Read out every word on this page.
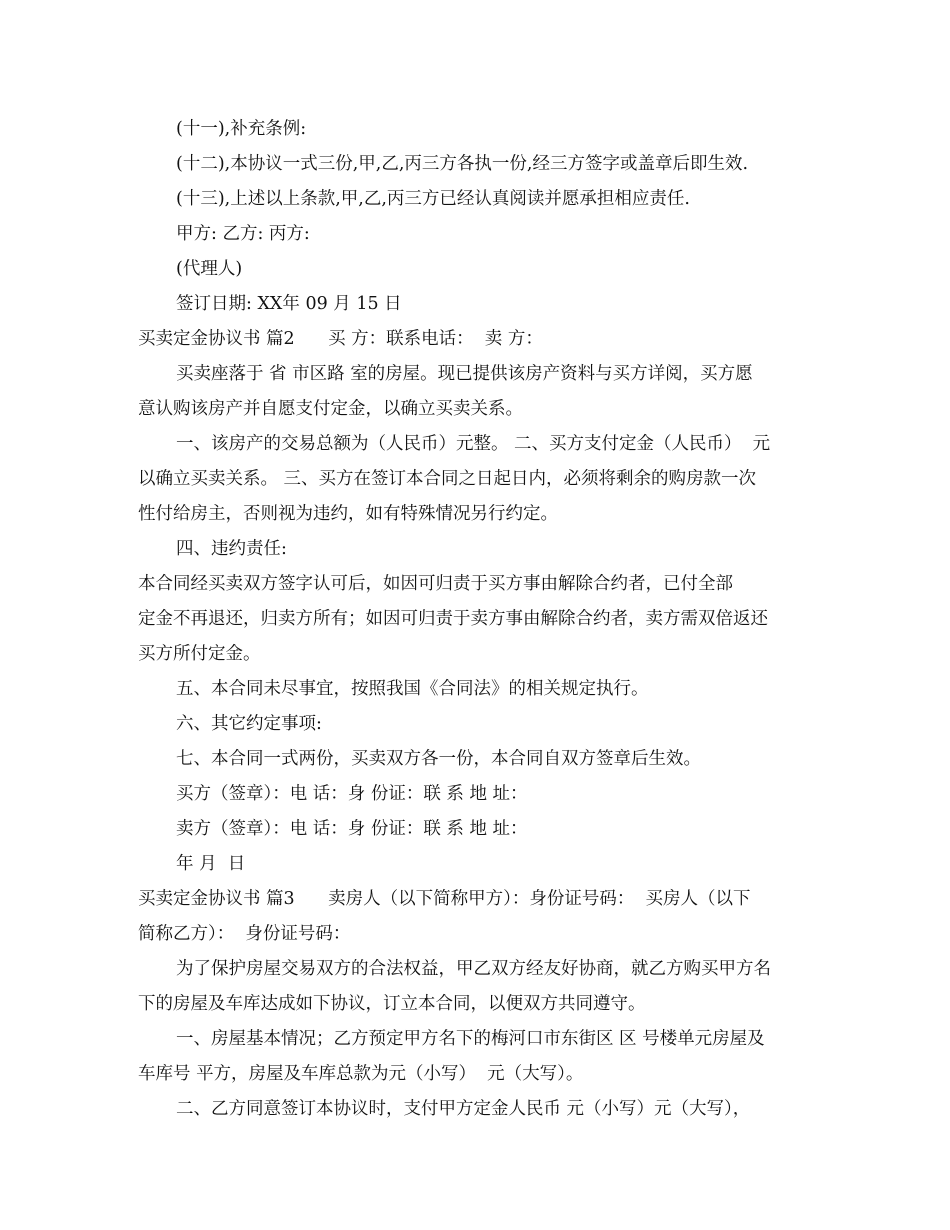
(十一),补充条例:
(十二),本协议一式三份,甲,乙,丙三方各执一份,经三方签字或盖章后即生效.
(十三),上述以上条款,甲,乙,丙三方已经认真阅读并愿承担相应责任.
甲方: 乙方: 丙方:
(代理人)
签订日期: XX年 09 月 15 日
买卖定金协议书 篇2      买 方：联系电话：  卖 方：
买卖座落于 省 市区路 室的房屋。现已提供该房产资料与买方详阅，买方愿
意认购该房产并自愿支付定金，以确立买卖关系。
一、该房产的交易总额为（人民币）元整。 二、买方支付定金（人民币）  元
以确立买卖关系。 三、买方在签订本合同之日起日内，必须将剩余的购房款一次
性付给房主，否则视为违约，如有特殊情况另行约定。
四、违约责任:
本合同经买卖双方签字认可后，如因可归责于买方事由解除合约者，已付全部
定金不再退还，归卖方所有；如因可归责于卖方事由解除合约者，卖方需双倍返还
买方所付定金。
五、本合同未尽事宜，按照我国《合同法》的相关规定执行。
六、其它约定事项:
七、本合同一式两份，买卖双方各一份，本合同自双方签章后生效。
买方（签章）：电 话：身 份证：联 系 地 址：
卖方（签章）：电 话：身 份证：联 系 地 址：
年 月  日
买卖定金协议书 篇3      卖房人（以下简称甲方）：身份证号码：  买房人（以下
简称乙方）：  身份证号码：
为了保护房屋交易双方的合法权益，甲乙双方经友好协商，就乙方购买甲方名
下的房屋及车库达成如下协议，订立本合同，以便双方共同遵守。
一、房屋基本情况；乙方预定甲方名下的梅河口市东街区 区 号楼单元房屋及
车库号 平方，房屋及车库总款为元（小写）  元（大写）。
二、乙方同意签订本协议时，支付甲方定金人民币 元（小写）元（大写），
